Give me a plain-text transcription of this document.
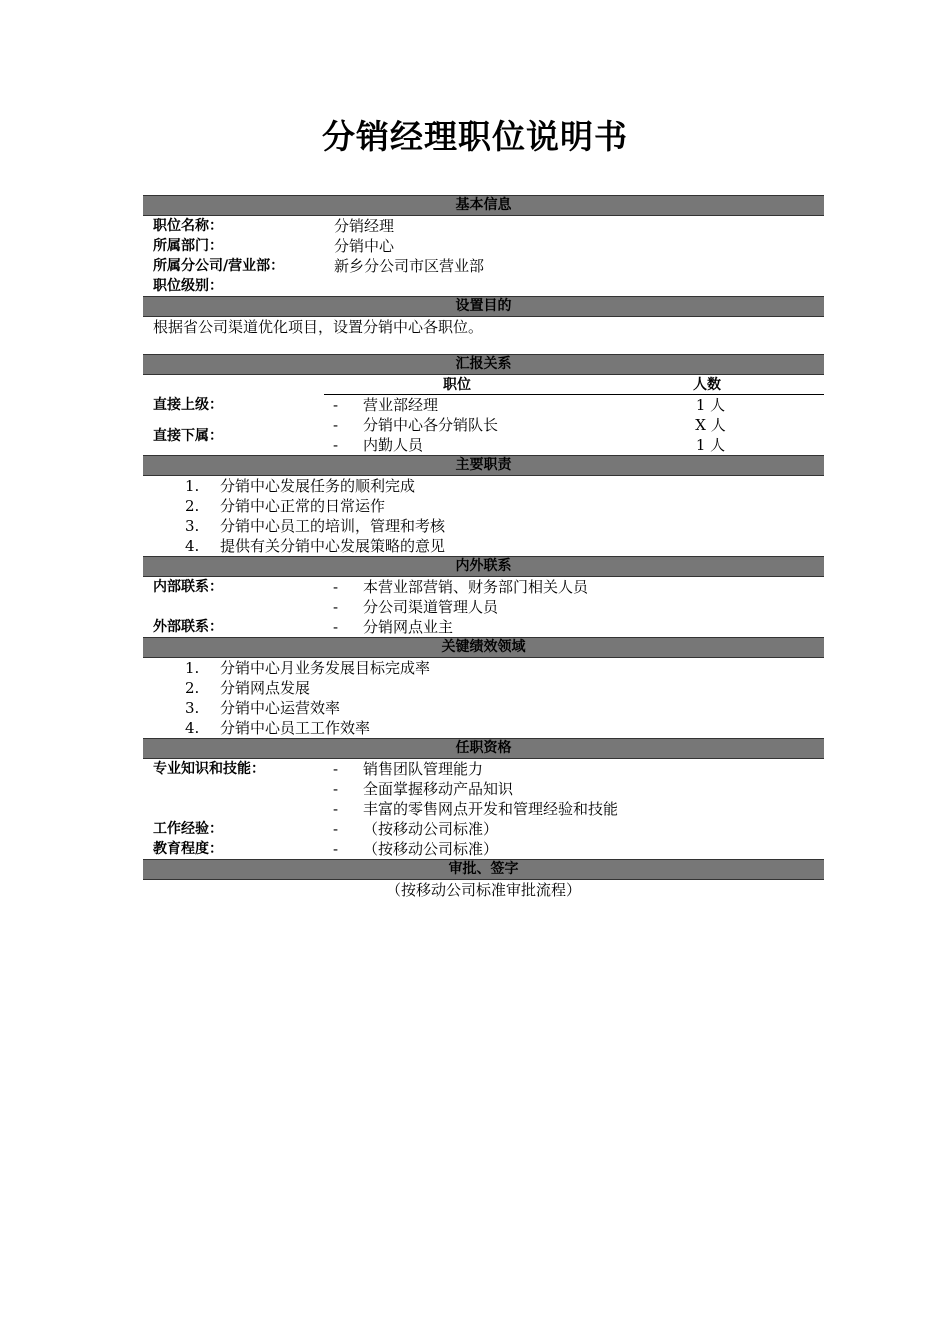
分销经理职位说明书
基本信息
职位名称：	分销经理
所属部门：	分销中心
所属分公司/营业部：	新乡分公司市区营业部
职位级别：
设置目的
根据省公司渠道优化项目，设置分销中心各职位。
汇报关系
职位	人数
直接上级：	- 营业部经理	1 人
直接下属：
- 分销中心各分销队长	X 人
- 内勤人员	1 人
主要职责
1. 分销中心发展任务的顺利完成
2. 分销中心正常的日常运作
3. 分销中心员工的培训，管理和考核
4. 提供有关分销中心发展策略的意见
内外联系
内部联系：	- 本营业部营销、财务部门相关人员
- 分公司渠道管理人员
外部联系：	- 分销网点业主
关键绩效领域
1. 分销中心月业务发展目标完成率
2. 分销网点发展
3. 分销中心运营效率
4. 分销中心员工工作效率
任职资格
专业知识和技能：	- 销售团队管理能力
- 全面掌握移动产品知识
- 丰富的零售网点开发和管理经验和技能
工作经验：	- （按移动公司标准）
教育程度：	- （按移动公司标准）
审批、签字
（按移动公司标准审批流程）
